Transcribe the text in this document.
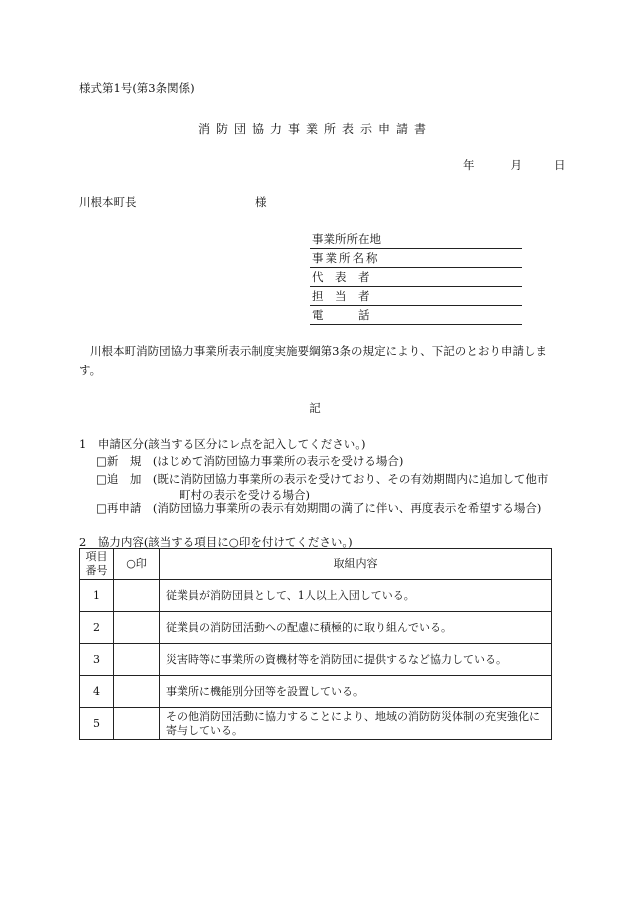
様式第1号(第3条関係)
消防団協力事業所表示申請書
年	月	日
川根本町長	様
事業所所在地
事業所名称
代　表　者
担　当　者
電　　　話
川根本町消防団協力事業所表示制度実施要綱第3条の規定により、下記のとおり申請します。
記
1　申請区分(該当する区分にレ点を記入してください。)
□新　規　(はじめて消防団協力事業所の表示を受ける場合)
□追　加　(既に消防団協力事業所の表示を受けており、その有効期間内に追加して他市
町村の表示を受ける場合)
□再申請　(消防団協力事業所の表示有効期間の満了に伴い、再度表示を希望する場合)
2　協力内容(該当する項目に○印を付けてください。)
項目
番号	○印	取組内容
1		従業員が消防団員として、1人以上入団している。
2		従業員の消防団活動への配慮に積極的に取り組んでいる。
3		災害時等に事業所の資機材等を消防団に提供するなど協力している。
4		事業所に機能別分団等を設置している。
5		その他消防団活動に協力することにより、地域の消防防災体制の充実強化に寄与している。
